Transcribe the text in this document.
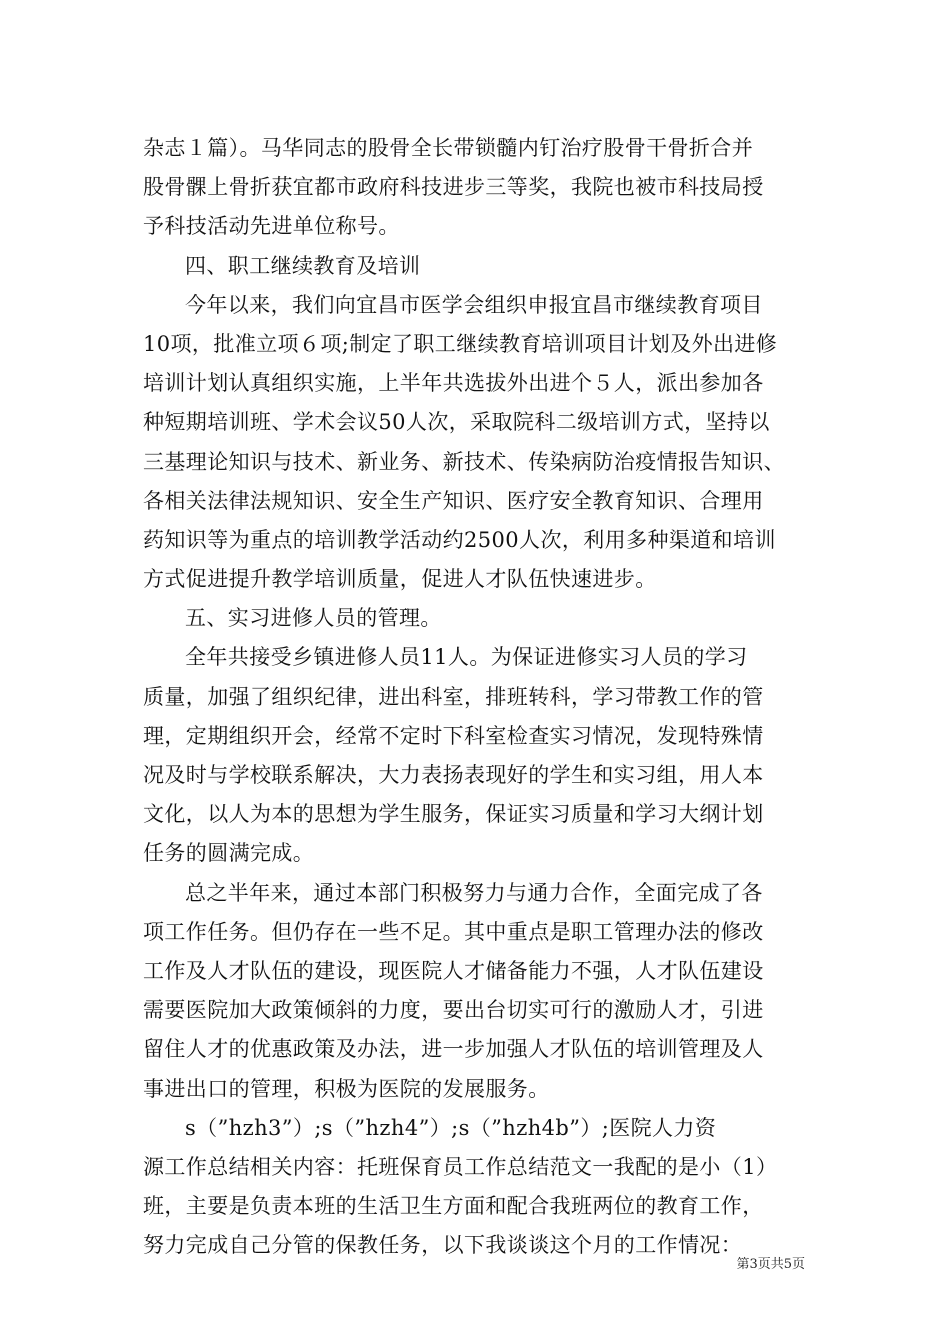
杂志１篇）。马华同志的股骨全长带锁髓内钉治疗股骨干骨折合并
股骨髁上骨折获宜都市政府科技进步三等奖，我院也被市科技局授
予科技活动先进单位称号。
四、职工继续教育及培训
今年以来，我们向宜昌市医学会组织申报宜昌市继续教育项目
10项，批准立项６项;制定了职工继续教育培训项目计划及外出进修
培训计划认真组织实施，上半年共选拔外出进个５人，派出参加各
种短期培训班、学术会议50人次，采取院科二级培训方式，坚持以
三基理论知识与技术、新业务、新技术、传染病防治疫情报告知识、
各相关法律法规知识、安全生产知识、医疗安全教育知识、合理用
药知识等为重点的培训教学活动约2500人次，利用多种渠道和培训
方式促进提升教学培训质量，促进人才队伍快速进步。
五、实习进修人员的管理。
全年共接受乡镇进修人员11人。为保证进修实习人员的学习
质量，加强了组织纪律，进出科室，排班转科，学习带教工作的管
理，定期组织开会，经常不定时下科室检查实习情况，发现特殊情
况及时与学校联系解决，大力表扬表现好的学生和实习组，用人本
文化，以人为本的思想为学生服务，保证实习质量和学习大纲计划
任务的圆满完成。
总之半年来，通过本部门积极努力与通力合作，全面完成了各
项工作任务。但仍存在一些不足。其中重点是职工管理办法的修改
工作及人才队伍的建设，现医院人才储备能力不强，人才队伍建设
需要医院加大政策倾斜的力度，要出台切实可行的激励人才，引进
留住人才的优惠政策及办法，进一步加强人才队伍的培训管理及人
事进出口的管理，积极为医院的发展服务。
s（”hzh3”）;s（”hzh4”）;s（”hzh4b”）;医院人力资
源工作总结相关内容：托班保育员工作总结范文一我配的是小（1）
班，主要是负责本班的生活卫生方面和配合我班两位的教育工作，
努力完成自己分管的保教任务，以下我谈谈这个月的工作情况：
第3页共5页
